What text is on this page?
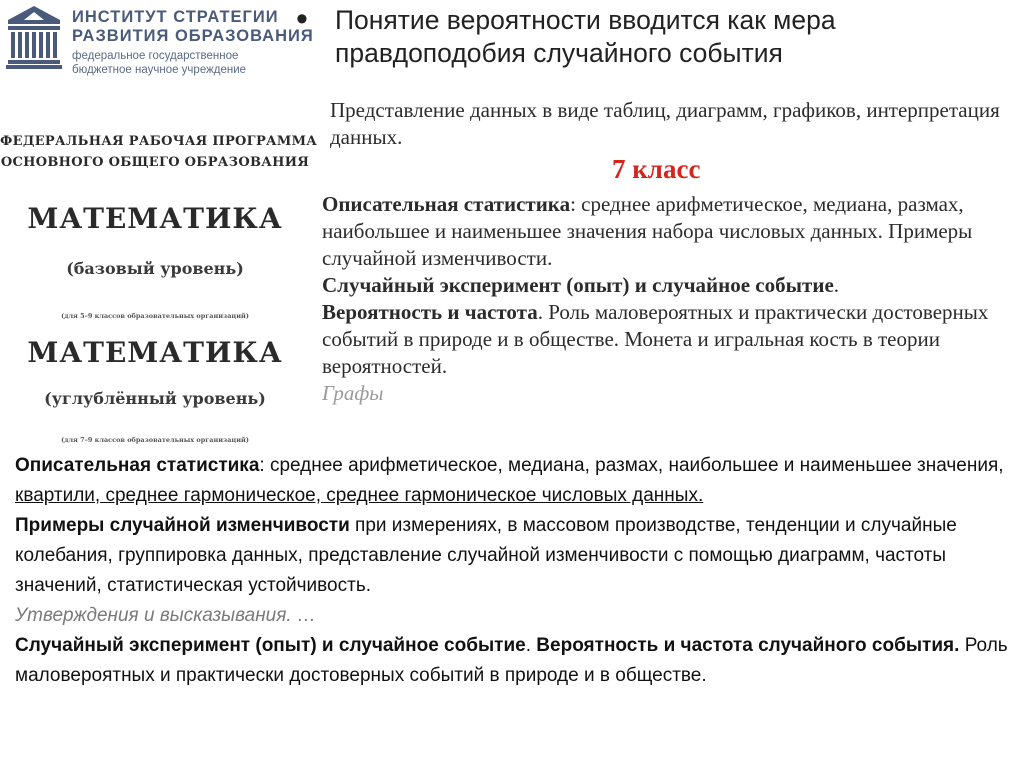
ИНСТИТУТ СТРАТЕГИИ
РАЗВИТИЯ ОБРАЗОВАНИЯ
федеральное государственное
бюджетное научное учреждение
ФЕДЕРАЛЬНАЯ РАБОЧАЯ ПРОГРАММА
ОСНОВНОГО ОБЩЕГО ОБРАЗОВАНИЯ
МАТЕМАТИКА
(базовый уровень)
(для 5–9 классов образовательных организаций)
МАТЕМАТИКА
(углублённый уровень)
(для 7–9 классов образовательных организаций)
• Понятие вероятности вводится как мера правдоподобия случайного события
Представление данных в виде таблиц, диаграмм, графиков, интерпретация данных.
7 класс

Описательная статистика: среднее арифметическое, медиана, размах, наибольшее и наименьшее значения набора числовых данных. Примеры случайной изменчивости.

Случайный эксперимент (опыт) и случайное событие.

Вероятность и частота. Роль маловероятных и практически достоверных событий в природе и в обществе. Монета и игральная кость в теории вероятностей.

Графы

Описательная статистика: среднее арифметическое, медиана, размах, наибольшее и наименьшее значения, квартили, среднее гармоническое, среднее гармоническое числовых данных.

Примеры случайной изменчивости при измерениях, в массовом производстве, тенденции и случайные колебания, группировка данных, представление случайной изменчивости с помощью диаграмм, частоты значений, статистическая устойчивость.

Утверждения и высказывания. …

Случайный эксперимент (опыт) и случайное событие. Вероятность и частота случайного события. Роль маловероятных и практически достоверных событий в природе и в обществе.
